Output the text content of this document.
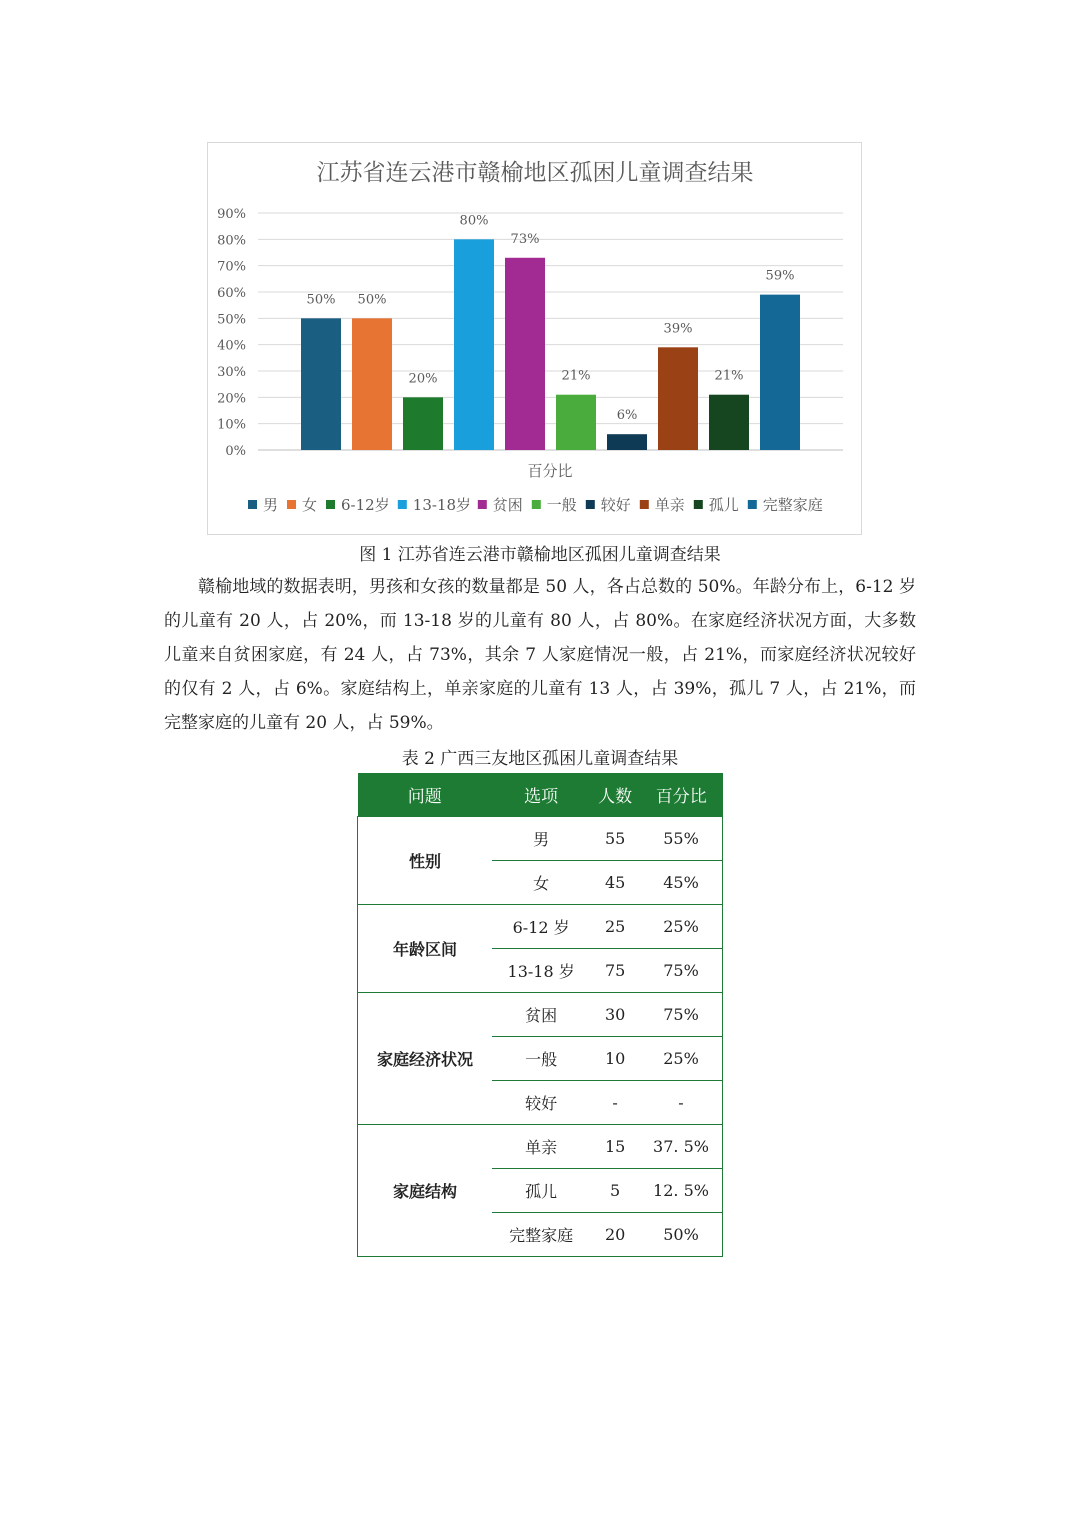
江苏省连云港市赣榆地区孤困儿童调查结果
0%
10%
20%
30%
40%
50%
60%
70%
80%
90%
50% 50%
20%
80%
73%
21%
6%
39%
21%
59%
百分比
男 女 6-12岁 13-18岁 贫困 一般 较好 单亲 孤儿 完整家庭
图 1 江苏省连云港市赣榆地区孤困儿童调查结果

赣榆地域的数据表明，男孩和女孩的数量都是 50 人，各占总数的 50%。年龄分布上，6-12 岁的儿童有 20 人，占 20%，而 13-18 岁的儿童有 80 人，占 80%。在家庭经济状况方面，大多数儿童来自贫困家庭，有 24 人，占 73%，其余 7 人家庭情况一般，占 21%，而家庭经济状况较好的仅有 2 人，占 6%。家庭结构上，单亲家庭的儿童有 13 人，占 39%，孤儿 7 人，占 21%，而完整家庭的儿童有 20 人，占 59%。

表 2 广西三友地区孤困儿童调查结果
问题	选项	人数	百分比
性别	男	55	55%
	女	45	45%
年龄区间	6-12 岁	25	25%
	13-18 岁	75	75%
家庭经济状况	贫困	30	75%
	一般	10	25%
	较好	-	-
家庭结构	单亲	15	37. 5%
	孤儿	5	12. 5%
	完整家庭	20	50%
